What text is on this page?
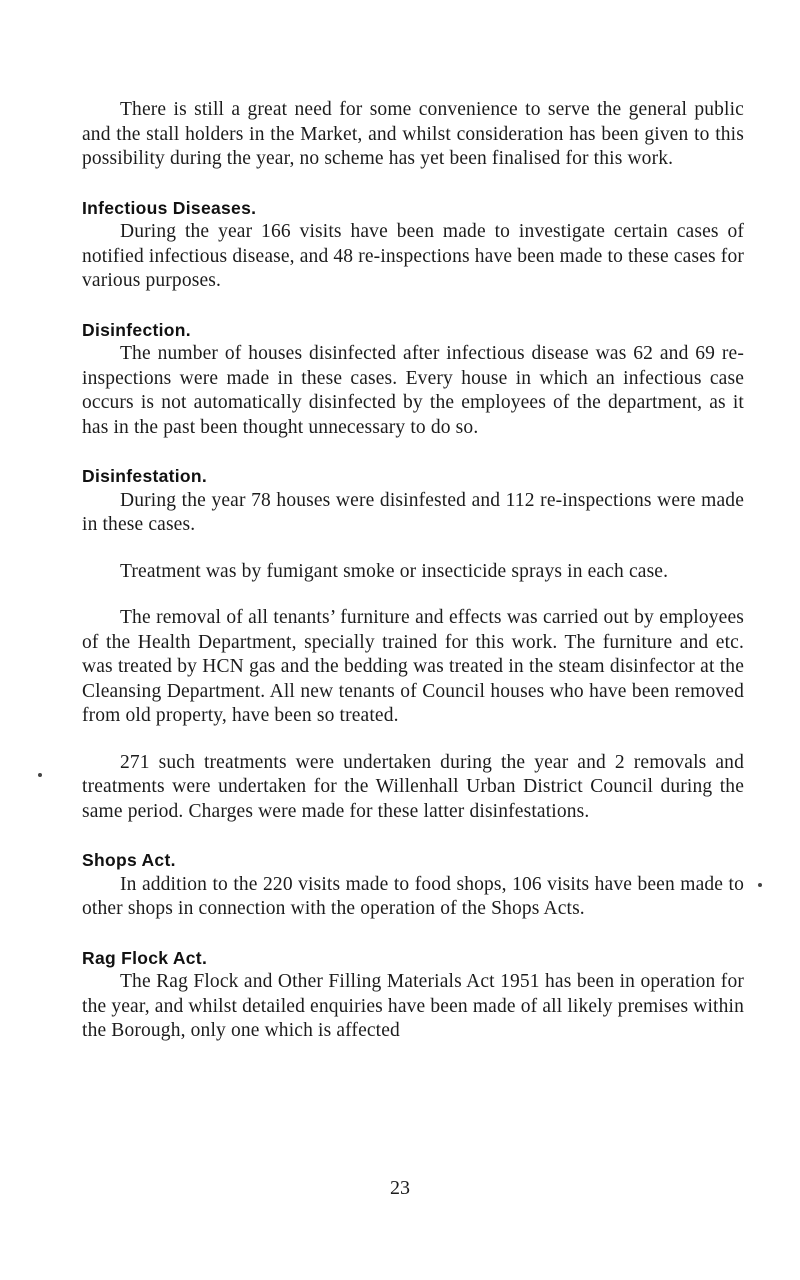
There is still a great need for some convenience to serve the general public and the stall holders in the Market, and whilst consideration has been given to this possibility during the year, no scheme has yet been finalised for this work.

Infectious Diseases.

During the year 166 visits have been made to investigate certain cases of notified infectious disease, and 48 re-inspections have been made to these cases for various purposes.

Disinfection.

The number of houses disinfected after infectious disease was 62 and 69 re-inspections were made in these cases. Every house in which an infectious case occurs is not automatically disinfected by the employees of the department, as it has in the past been thought unnecessary to do so.

Disinfestation.

During the year 78 houses were disinfested and 112 re-inspections were made in these cases.

Treatment was by fumigant smoke or insecticide sprays in each case.

The removal of all tenants’ furniture and effects was carried out by employees of the Health Department, specially trained for this work. The furniture and etc. was treated by HCN gas and the bedding was treated in the steam disinfector at the Cleansing Department. All new tenants of Council houses who have been removed from old property, have been so treated.

271 such treatments were undertaken during the year and 2 removals and treatments were undertaken for the Willenhall Urban District Council during the same period. Charges were made for these latter disinfestations.

Shops Act.

In addition to the 220 visits made to food shops, 106 visits have been made to other shops in connection with the operation of the Shops Acts.

Rag Flock Act.

The Rag Flock and Other Filling Materials Act 1951 has been in operation for the year, and whilst detailed enquiries have been made of all likely premises within the Borough, only one which is affected

23
